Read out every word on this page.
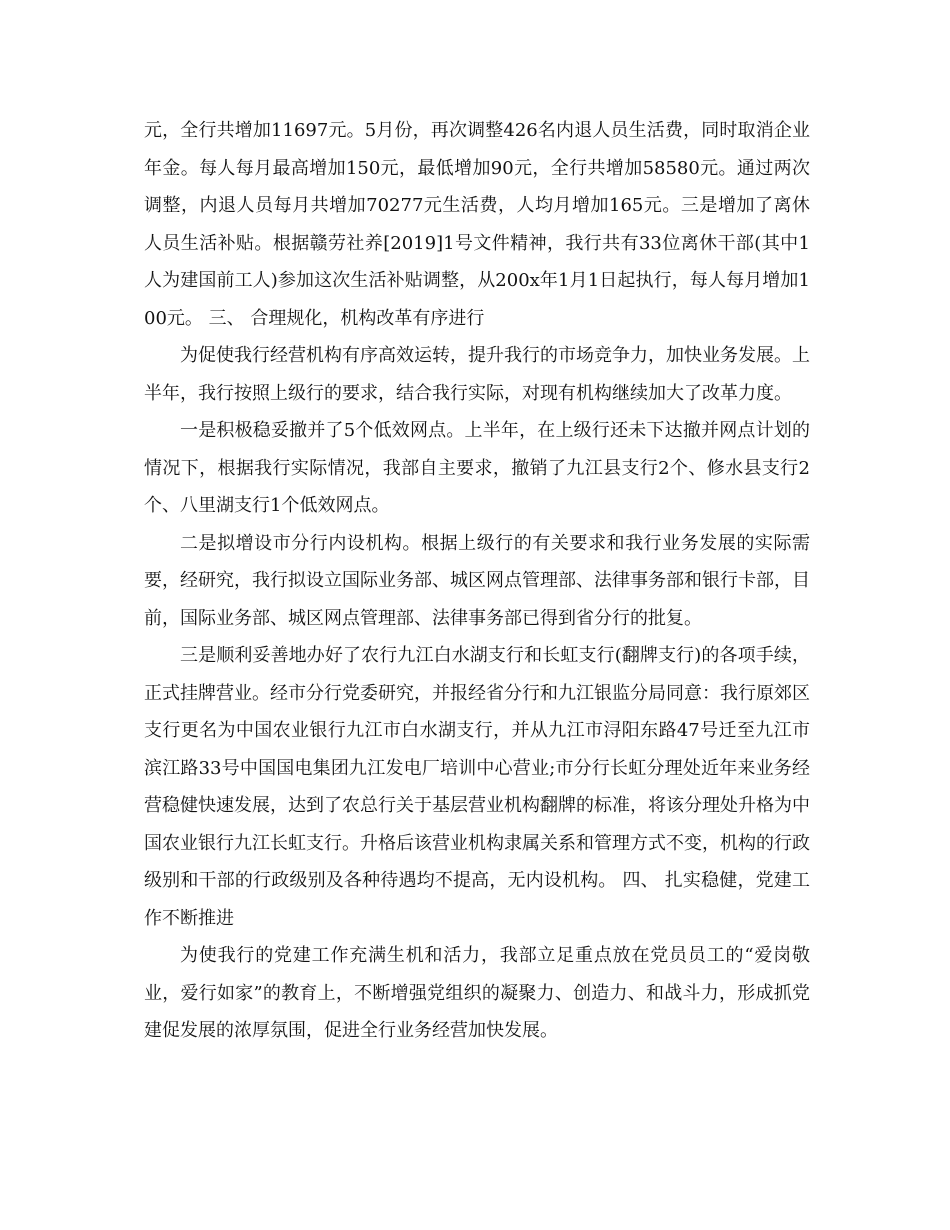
元，全行共增加11697元。5月份，再次调整426名内退人员生活费，同时取消企业年金。每人每月最高增加150元，最低增加90元，全行共增加58580元。通过两次调整，内退人员每月共增加70277元生活费，人均月增加165元。三是增加了离休人员生活补贴。根据赣劳社养[2019]1号文件精神，我行共有33位离休干部(其中1人为建国前工人)参加这次生活补贴调整，从200x年1月1日起执行，每人每月增加100元。 三、 合理规化，机构改革有序进行

为促使我行经营机构有序高效运转，提升我行的市场竞争力，加快业务发展。上半年，我行按照上级行的要求，结合我行实际，对现有机构继续加大了改革力度。

一是积极稳妥撤并了5个低效网点。上半年，在上级行还未下达撤并网点计划的情况下，根据我行实际情况，我部自主要求，撤销了九江县支行2个、修水县支行2个、八里湖支行1个低效网点。

二是拟增设市分行内设机构。根据上级行的有关要求和我行业务发展的实际需要，经研究，我行拟设立国际业务部、城区网点管理部、法律事务部和银行卡部，目前，国际业务部、城区网点管理部、法律事务部已得到省分行的批复。

三是顺利妥善地办好了农行九江白水湖支行和长虹支行(翻牌支行)的各项手续，正式挂牌营业。经市分行党委研究，并报经省分行和九江银监分局同意：我行原郊区支行更名为中国农业银行九江市白水湖支行，并从九江市浔阳东路47号迁至九江市滨江路33号中国国电集团九江发电厂培训中心营业;市分行长虹分理处近年来业务经营稳健快速发展，达到了农总行关于基层营业机构翻牌的标准，将该分理处升格为中国农业银行九江长虹支行。升格后该营业机构隶属关系和管理方式不变，机构的行政级别和干部的行政级别及各种待遇均不提高，无内设机构。 四、 扎实稳健，党建工作不断推进

为使我行的党建工作充满生机和活力，我部立足重点放在党员员工的“爱岗敬业，爱行如家”的教育上，不断增强党组织的凝聚力、创造力、和战斗力，形成抓党建促发展的浓厚氛围，促进全行业务经营加快发展。
